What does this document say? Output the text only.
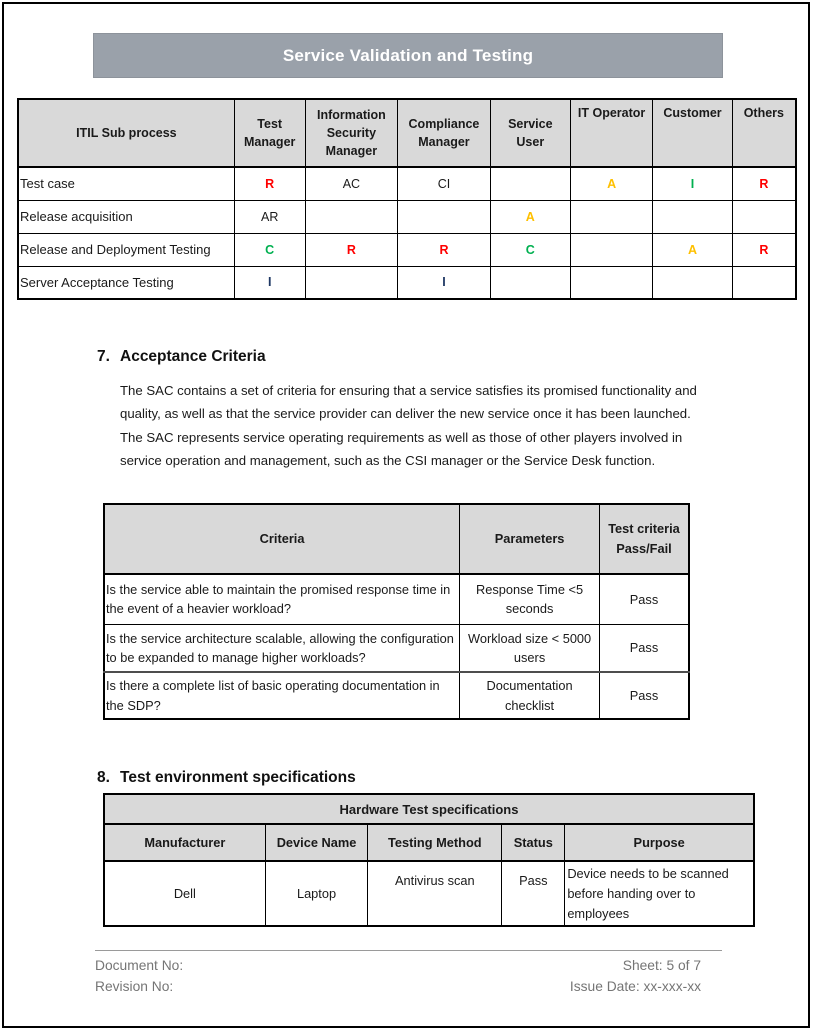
Service Validation and Testing
ITIL Sub process	Test Manager	Information Security Manager	Compliance Manager	Service User	IT Operator	Customer	Others
Test case	R	AC	CI		A	I	R
Release acquisition	AR			A			
Release and Deployment Testing	C	R	R	C		A	R
Server Acceptance Testing	I		I				
7. Acceptance Criteria
The SAC contains a set of criteria for ensuring that a service satisfies its promised functionality and quality, as well as that the service provider can deliver the new service once it has been launched. The SAC represents service operating requirements as well as those of other players involved in service operation and management, such as the CSI manager or the Service Desk function.
Criteria	Parameters	Test criteria Pass/Fail
Is the service able to maintain the promised response time in the event of a heavier workload?	Response Time <5 seconds	Pass
Is the service architecture scalable, allowing the configuration to be expanded to manage higher workloads?	Workload size < 5000 users	Pass
Is there a complete list of basic operating documentation in the SDP?	Documentation checklist	Pass
8. Test environment specifications
Hardware Test specifications				
Manufacturer	Device Name	Testing Method	Status	Purpose
Dell	Laptop	Antivirus scan	Pass	Device needs to be scanned before handing over to employees
Document No:
Revision No:
Sheet: 5 of 7
Issue Date: xx-xxx-xx
